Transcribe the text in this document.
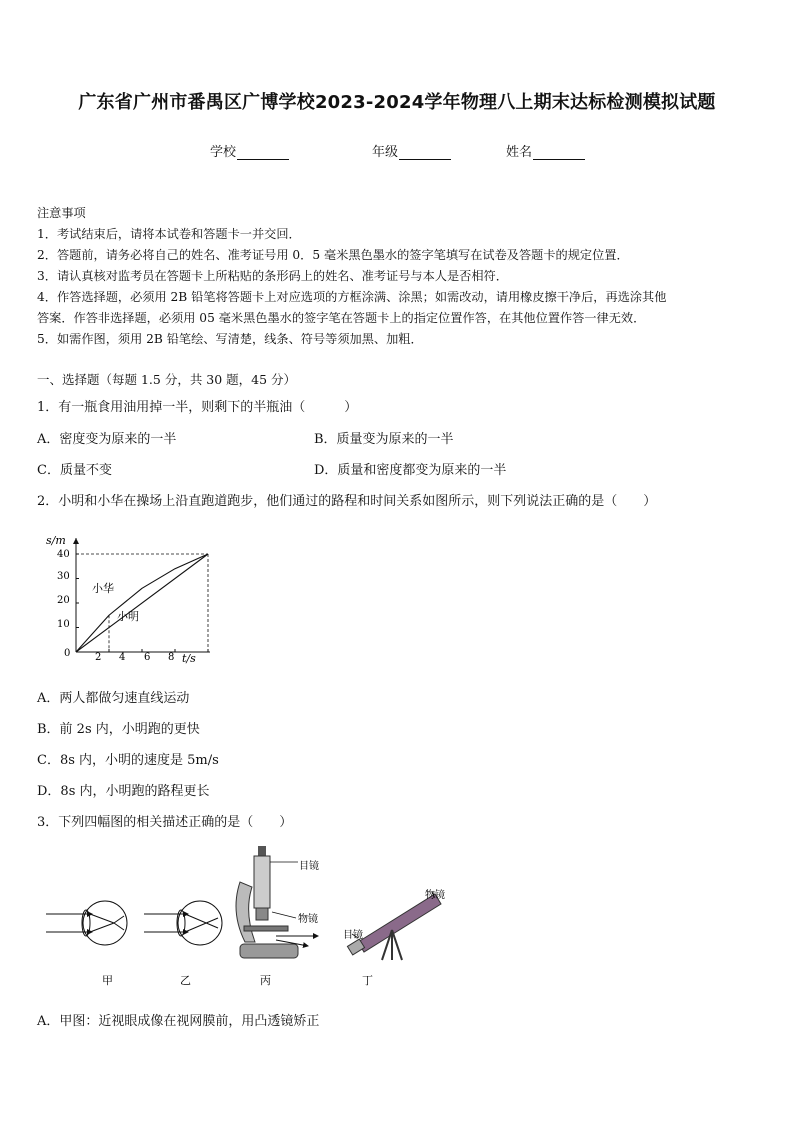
广东省广州市番禺区广博学校2023-2024学年物理八上期末达标检测模拟试题
学校	年级	姓名
注意事项
1．考试结束后，请将本试卷和答题卡一并交回．
2．答题前，请务必将自己的姓名、准考证号用 0．5 毫米黑色墨水的签字笔填写在试卷及答题卡的规定位置．
3．请认真核对监考员在答题卡上所粘贴的条形码上的姓名、准考证号与本人是否相符．
4．作答选择题，必须用 2B 铅笔将答题卡上对应选项的方框涂满、涂黑；如需改动，请用橡皮擦干净后，再选涂其他
答案．作答非选择题，必须用 05 毫米黑色墨水的签字笔在答题卡上的指定位置作答，在其他位置作答一律无效．
5．如需作图，须用 2B 铅笔绘、写清楚，线条、符号等须加黑、加粗．
一、选择题（每题 1.5 分，共 30 题，45 分）
1．有一瓶食用油用掉一半，则剩下的半瓶油（　　　）
A．密度变为原来的一半	B．质量变为原来的一半
C．质量不变	D．质量和密度都变为原来的一半
2．小明和小华在操场上沿直跑道跑步，他们通过的路程和时间关系如图所示，则下列说法正确的是（　　）
s/m
t/s
0
10
20
30
40
2 4 6 8
小华
小明
A．两人都做匀速直线运动
B．前 2s 内，小明跑的更快
C．8s 内，小明的速度是 5m/s
D．8s 内，小明跑的路程更长
3．下列四幅图的相关描述正确的是（　　）
目镜
物镜
物镜
目镜
甲	乙	丙	丁
A．甲图：近视眼成像在视网膜前，用凸透镜矫正
